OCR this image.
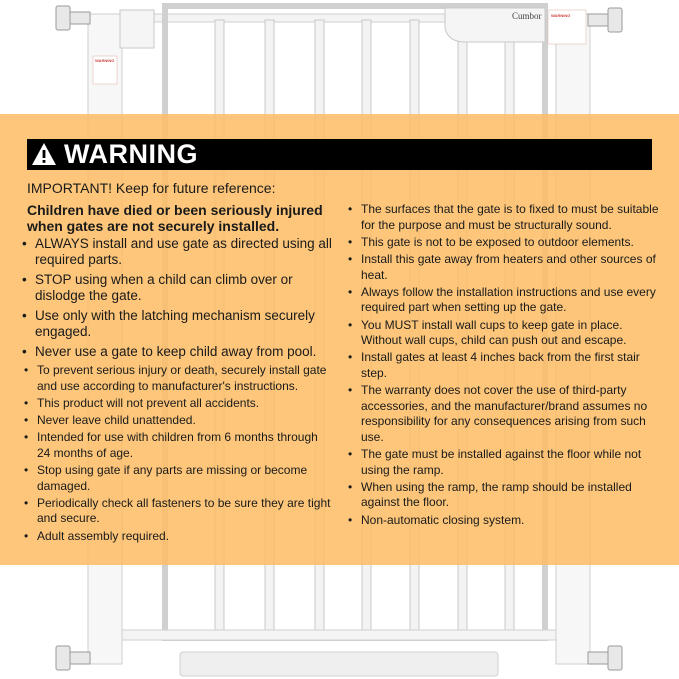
Cumbor
WARNING
WARNING
WARNING
IMPORTANT! Keep for future reference:
Children have died or been seriously injured when gates are not securely installed.
• ALWAYS install and use gate as directed using all required parts.
• STOP using when a child can climb over or dislodge the gate.
• Use only with the latching mechanism securely engaged.
• Never use a gate to keep child away from pool.
• To prevent serious injury or death, securely install gate and use according to manufacturer's instructions.
• This product will not prevent all accidents.
• Never leave child unattended.
• Intended for use with children from 6 months through 24 months of age.
• Stop using gate if any parts are missing or become damaged.
• Periodically check all fasteners to be sure they are tight and secure.
• Adult assembly required.
• The surfaces that the gate is to fixed to must be suitable for the purpose and must be structurally sound.
• This gate is not to be exposed to outdoor elements.
• Install this gate away from heaters and other sources of heat.
• Always follow the installation instructions and use every required part when setting up the gate.
• You MUST install wall cups to keep gate in place. Without wall cups, child can push out and escape.
• Install gates at least 4 inches back from the first stair step.
• The warranty does not cover the use of third-party accessories, and the manufacturer/brand assumes no responsibility for any consequences arising from such use.
• The gate must be installed against the floor while not using the ramp.
• When using the ramp, the ramp should be installed against the floor.
• Non-automatic closing system.
